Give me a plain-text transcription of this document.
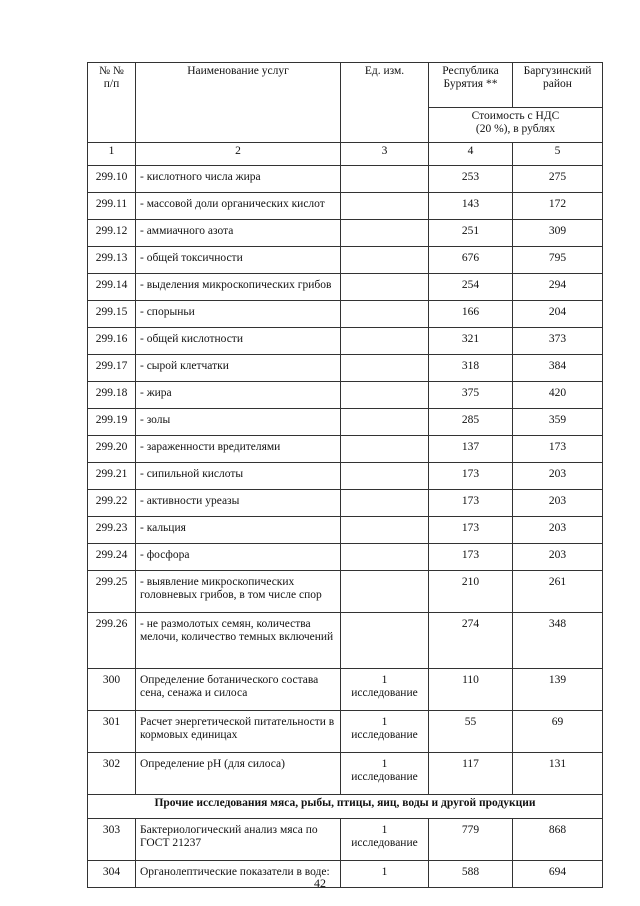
№ №
п/п	Наименование услуг	Ед. изм.	Республика
Бурятия **	Баргузинский
район
			Стоимость с НДС
(20 %), в рублях	
1	2	3	4	5
299.10	- кислотного числа жира		253	275
299.11	- массовой доли органических кислот		143	172
299.12	- аммиачного азота		251	309
299.13	- общей токсичности		676	795
299.14	- выделения микроскопических грибов		254	294
299.15	- спорыньи		166	204
299.16	- общей кислотности		321	373
299.17	- сырой клетчатки		318	384
299.18	- жира		375	420
299.19	- золы		285	359
299.20	- зараженности вредителями		137	173
299.21	- сипильной кислоты		173	203
299.22	- активности уреазы		173	203
299.23	- кальция		173	203
299.24	- фосфора		173	203
299.25	- выявление микроскопических головневых грибов, в том числе спор		210	261
299.26	- не размолотых семян, количества мелочи, количество темных включений		274	348
300	Определение ботанического состава сена, сенажа и силоса	1
исследование	110	139
301	Расчет энергетической питательности в кормовых единицах	1
исследование	55	69
302	Определение pH (для силоса)	1
исследование	117	131
Прочие исследования мяса, рыбы, птицы, яиц, воды и другой продукции				
303	Бактериологический анализ мяса по ГОСТ 21237	1
исследование	779	868
304	Органолептические показатели в воде:	1	588	694
42
